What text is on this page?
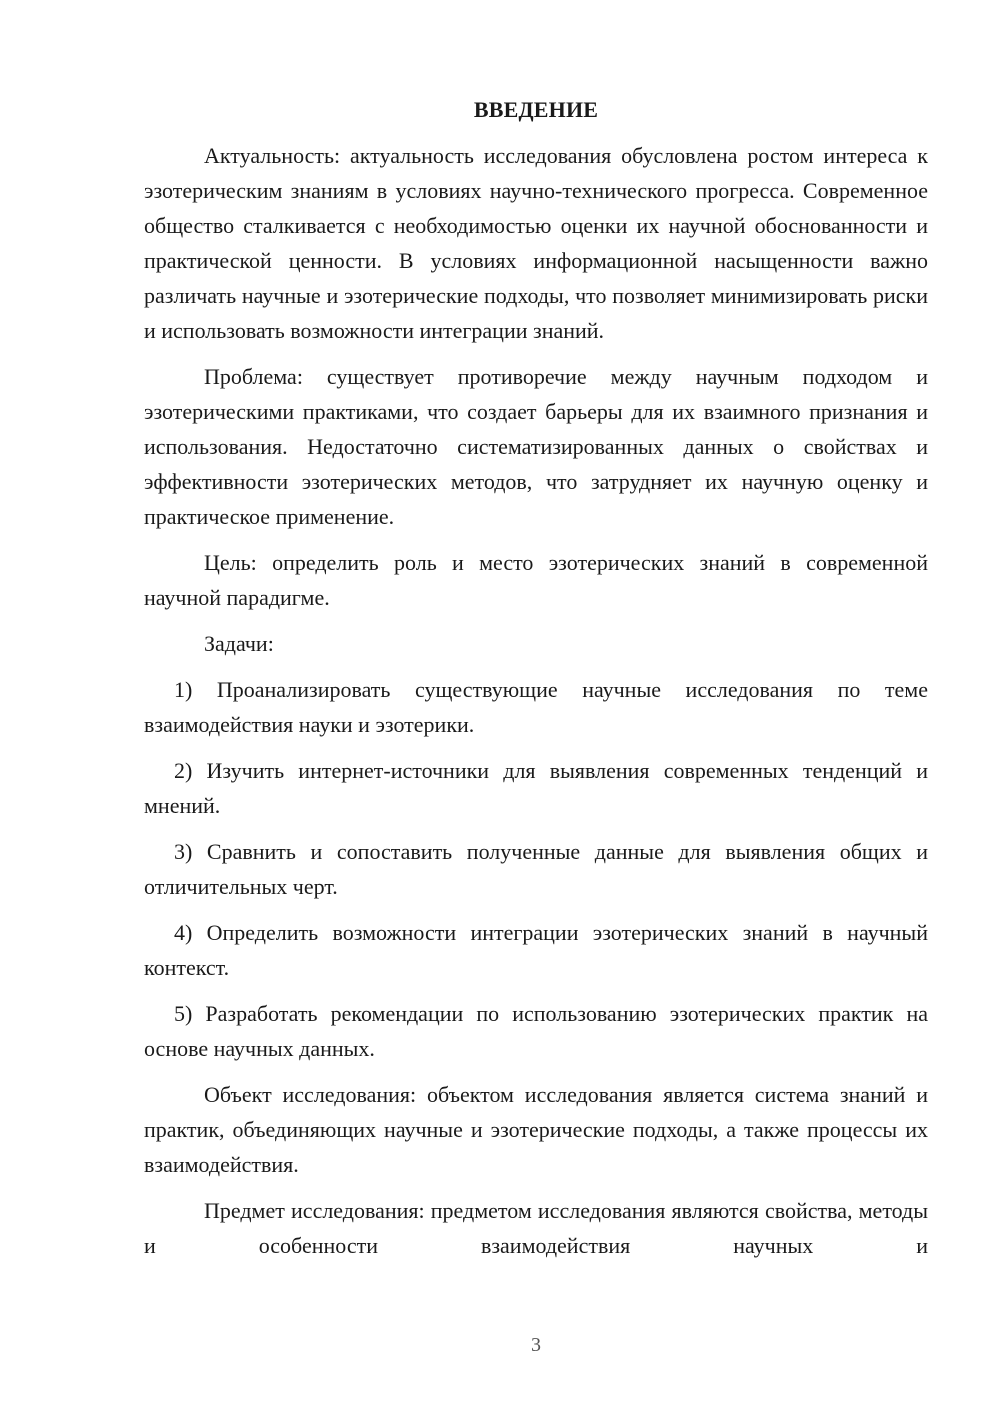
ВВЕДЕНИЕ

Актуальность: актуальность исследования обусловлена ростом интереса к эзотерическим знаниям в условиях научно-технического прогресса. Современное общество сталкивается с необходимостью оценки их научной обоснованности и практической ценности. В условиях информационной насыщенности важно различать научные и эзотерические подходы, что позволяет минимизировать риски и использовать возможности интеграции знаний.

Проблема: существует противоречие между научным подходом и эзотерическими практиками, что создает барьеры для их взаимного признания и использования. Недостаточно систематизированных данных о свойствах и эффективности эзотерических методов, что затрудняет их научную оценку и практическое применение.

Цель: определить роль и место эзотерических знаний в современной научной парадигме.

Задачи:

1) Проанализировать существующие научные исследования по теме взаимодействия науки и эзотерики.

2) Изучить интернет-источники для выявления современных тенденций и мнений.

3) Сравнить и сопоставить полученные данные для выявления общих и отличительных черт.

4) Определить возможности интеграции эзотерических знаний в научный контекст.

5) Разработать рекомендации по использованию эзотерических практик на основе научных данных.

Объект исследования: объектом исследования является система знаний и практик, объединяющих научные и эзотерические подходы, а также процессы их взаимодействия.

Предмет исследования: предметом исследования являются свойства, методы и особенности взаимодействия научных и

3
